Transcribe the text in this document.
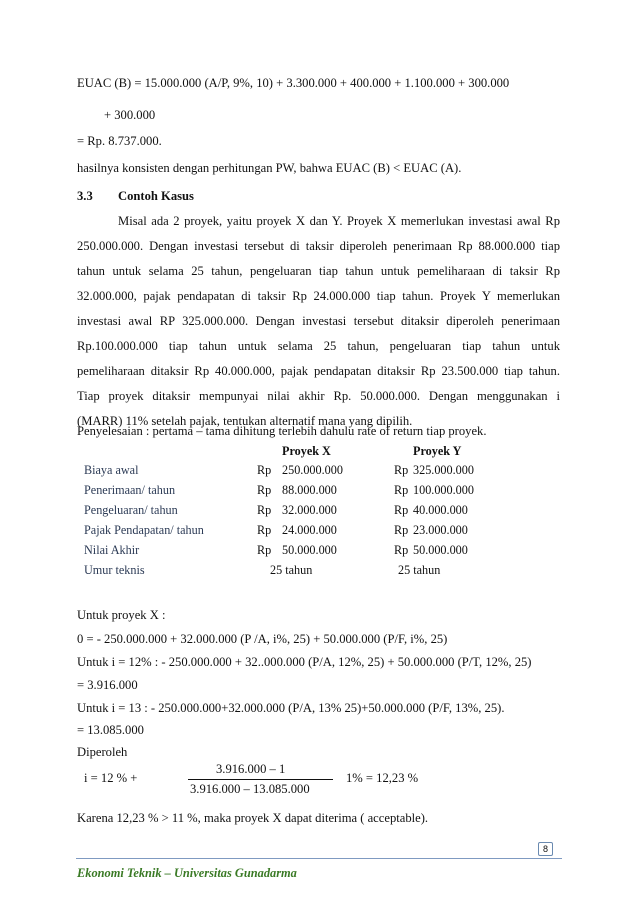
EUAC (B) = 15.000.000 (A/P, 9%, 10) + 3.300.000 + 400.000 + 1.100.000 + 300.000
+ 300.000
= Rp. 8.737.000.
hasilnya konsisten dengan perhitungan PW, bahwa EUAC (B) < EUAC (A).
3.3 Contoh Kasus
Misal ada 2 proyek, yaitu proyek X dan Y. Proyek X memerlukan investasi awal Rp
250.000.000. Dengan investasi tersebut di taksir diperoleh penerimaan Rp 88.000.000 tiap
tahun untuk selama 25 tahun, pengeluaran tiap tahun untuk pemeliharaan di taksir Rp
32.000.000, pajak pendapatan di taksir Rp 24.000.000 tiap tahun. Proyek Y memerlukan
investasi awal RP 325.000.000. Dengan investasi tersebut ditaksir diperoleh penerimaan
Rp.100.000.000 tiap tahun untuk selama 25 tahun, pengeluaran tiap tahun untuk
pemeliharaan ditaksir Rp 40.000.000, pajak pendapatan ditaksir Rp 23.500.000 tiap tahun.
Tiap proyek ditaksir mempunyai nilai akhir Rp. 50.000.000. Dengan menggunakan i
(MARR) 11% setelah pajak, tentukan alternatif mana yang dipilih.
Penyelesaian : pertama – tama dihitung terlebih dahulu rate of return tiap proyek.
Proyek X	Proyek Y
Biaya awal	Rp 250.000.000	Rp 325.000.000
Penerimaan/ tahun	Rp 88.000.000	Rp 100.000.000
Pengeluaran/ tahun	Rp 32.000.000	Rp 40.000.000
Pajak Pendapatan/ tahun	Rp 24.000.000	Rp 23.000.000
Nilai Akhir	Rp 50.000.000	Rp 50.000.000
Umur teknis	25 tahun	25 tahun
Untuk proyek X :
0 = - 250.000.000 + 32.000.000 (P /A, i%, 25) + 50.000.000 (P/F, i%, 25)
Untuk i = 12% : - 250.000.000 + 32..000.000 (P/A, 12%, 25) + 50.000.000 (P/T, 12%, 25)
= 3.916.000
Untuk i = 13 : - 250.000.000+32.000.000 (P/A, 13% 25)+50.000.000 (P/F, 13%, 25).
= 13.085.000
Diperoleh
i = 12 % +
3.916.000 – 1
3.916.000 – 13.085.000
1% = 12,23 %
Karena 12,23 % > 11 %, maka proyek X dapat diterima ( acceptable).
8
Ekonomi Teknik – Universitas Gunadarma
